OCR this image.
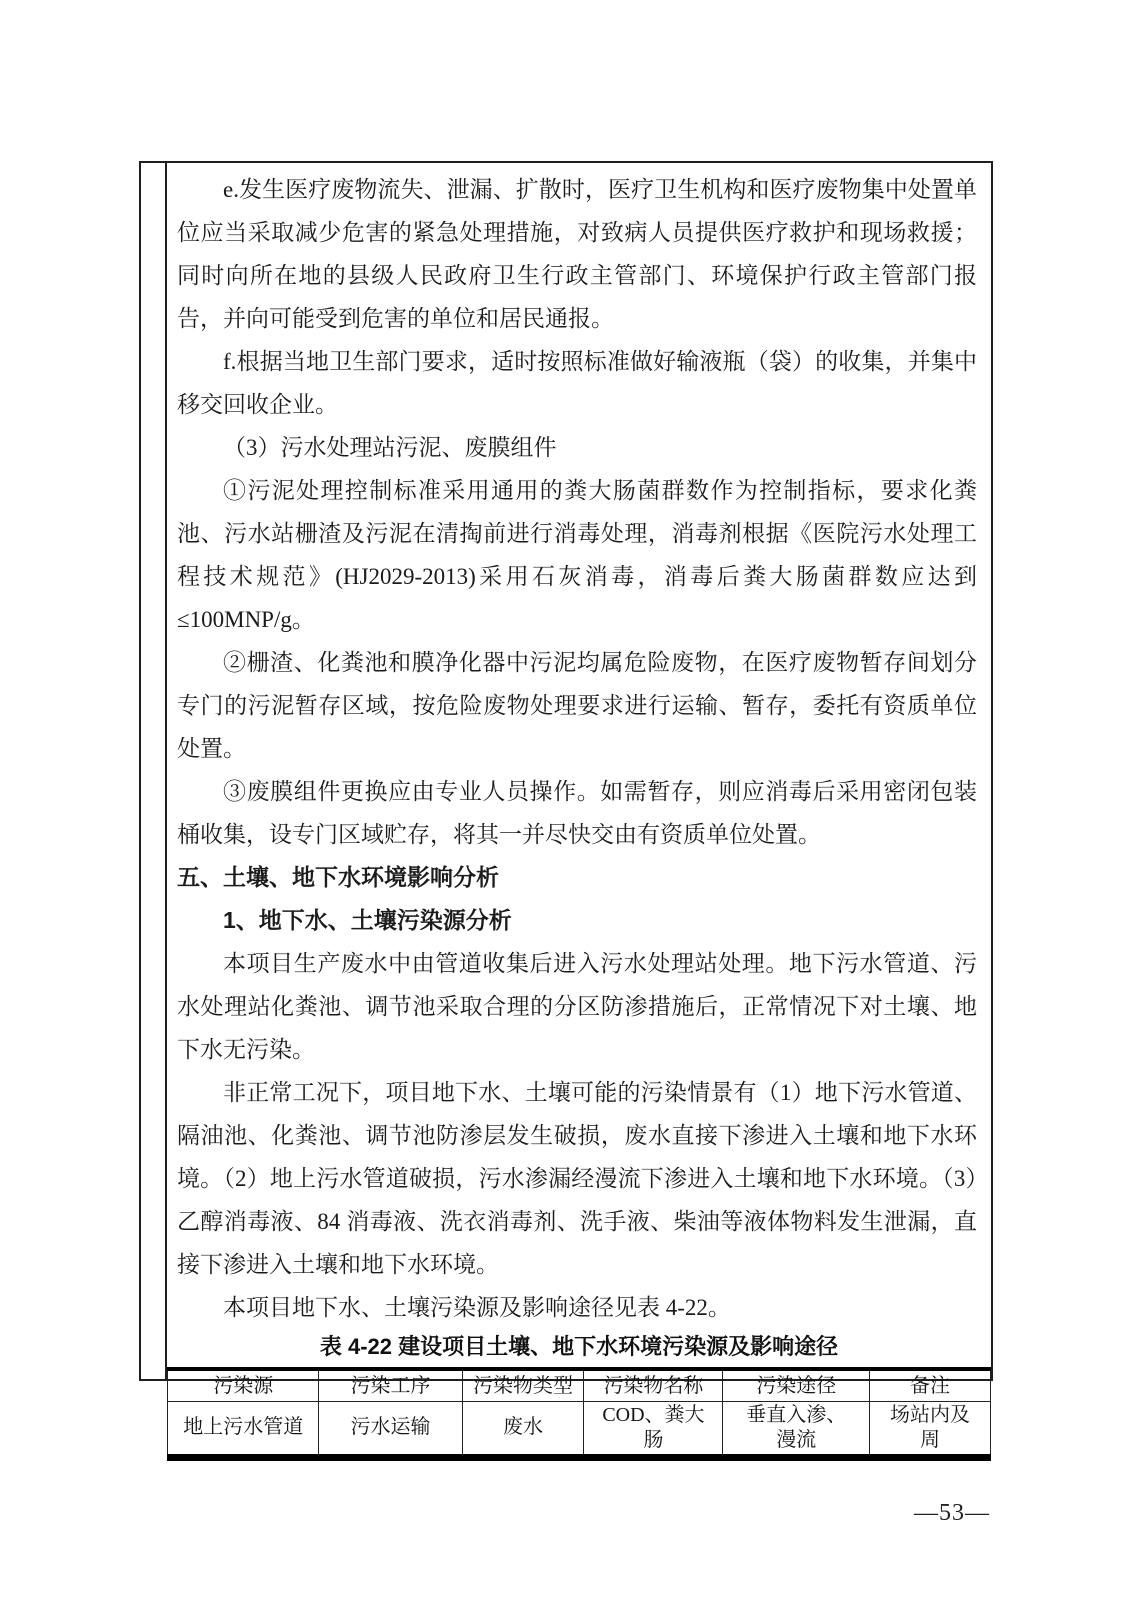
e.发生医疗废物流失、泄漏、扩散时，医疗卫生机构和医疗废物集中处置单位应当采取减少危害的紧急处理措施，对致病人员提供医疗救护和现场救援；同时向所在地的县级人民政府卫生行政主管部门、环境保护行政主管部门报告，并向可能受到危害的单位和居民通报。

f.根据当地卫生部门要求，适时按照标准做好输液瓶（袋）的收集，并集中移交回收企业。

（3）污水处理站污泥、废膜组件

①污泥处理控制标准采用通用的粪大肠菌群数作为控制指标，要求化粪池、污水站栅渣及污泥在清掏前进行消毒处理，消毒剂根据《医院污水处理工程技术规范》(HJ2029-2013)采用石灰消毒，消毒后粪大肠菌群数应达到≤100MNP/g。

②栅渣、化粪池和膜净化器中污泥均属危险废物，在医疗废物暂存间划分专门的污泥暂存区域，按危险废物处理要求进行运输、暂存，委托有资质单位处置。

③废膜组件更换应由专业人员操作。如需暂存，则应消毒后采用密闭包装桶收集，设专门区域贮存，将其一并尽快交由有资质单位处置。

五、土壤、地下水环境影响分析

1、地下水、土壤污染源分析

本项目生产废水中由管道收集后进入污水处理站处理。地下污水管道、污水处理站化粪池、调节池采取合理的分区防渗措施后，正常情况下对土壤、地下水无污染。

非正常工况下，项目地下水、土壤可能的污染情景有（1）地下污水管道、隔油池、化粪池、调节池防渗层发生破损，废水直接下渗进入土壤和地下水环境。（2）地上污水管道破损，污水渗漏经漫流下渗进入土壤和地下水环境。（3）乙醇消毒液、84 消毒液、洗衣消毒剂、洗手液、柴油等液体物料发生泄漏，直接下渗进入土壤和地下水环境。

本项目地下水、土壤污染源及影响途径见表 4-22。

表 4-22 建设项目土壤、地下水环境污染源及影响途径
污染源	污染工序	污染物类型	污染物名称	污染途径	备注
地上污水管道	污水运输	废水	COD、粪大肠	垂直入渗、漫流	场站内及周
—53—
